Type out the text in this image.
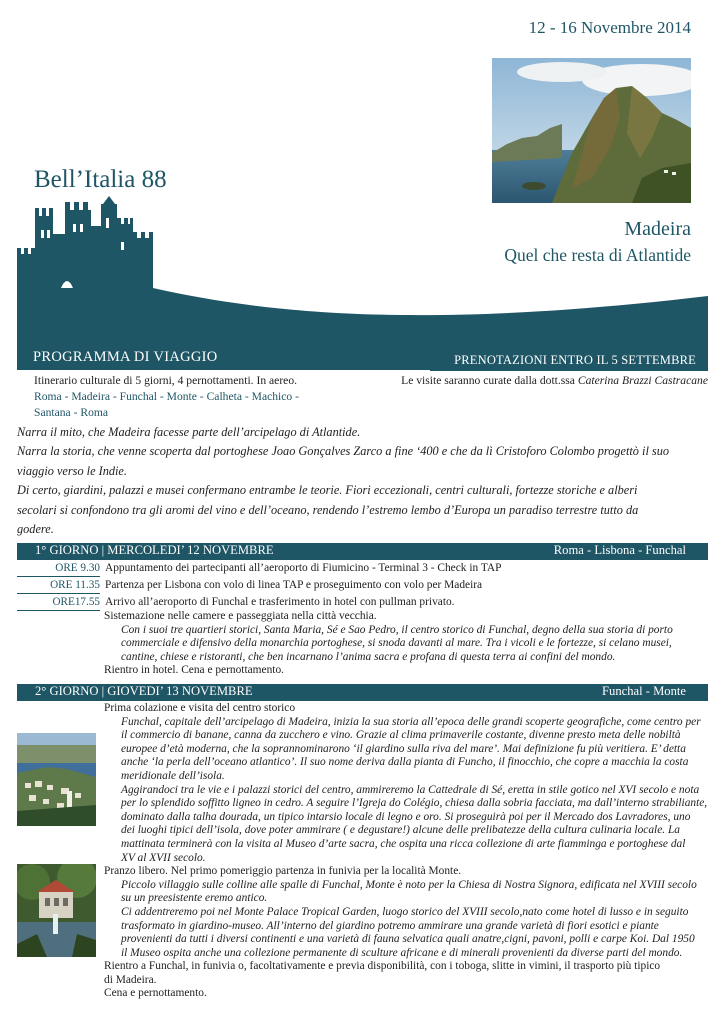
12 - 16 Novembre 2014
Bell’Italia 88
Madeira
Quel che resta di Atlantide
PROGRAMMA DI VIAGGIO	PRENOTAZIONI ENTRO IL 5 SETTEMBRE
Itinerario culturale di 5 giorni, 4 pernottamenti. In aereo.
Roma - Madeira - Funchal - Monte - Calheta - Machico -
Santana - Roma
Le visite saranno curate dalla dott.ssa Caterina Brazzi Castracane
Narra il mito, che Madeira facesse parte dell’arcipelago di Atlantide.
Narra la storia, che venne scoperta dal portoghese Joao Gonçalves Zarco a fine ‘400 e che da lì Cristoforo Colombo progettò il suo
viaggio verso le Indie.
Di certo, giardini, palazzi e musei confermano entrambe le teorie. Fiori eccezionali, centri culturali, fortezze storiche e alberi
secolari si confondono tra gli aromi del vino e dell’oceano, rendendo l’estremo lembo d’Europa un paradiso terrestre tutto da
godere.
1° GIORNO | MERCOLEDI’ 12 NOVEMBRE	Roma - Lisbona - Funchal
ORE 9.30 Appuntamento dei partecipanti all’aeroporto di Fiumicino - Terminal 3 - Check in TAP
ORE 11.35 Partenza per Lisbona con volo di linea TAP e proseguimento con volo per Madeira
ORE17.55 Arrivo all’aeroporto di Funchal e trasferimento in hotel con pullman privato.
Sistemazione nelle camere e passeggiata nella città vecchia.
Con i suoi tre quartieri storici, Santa Maria, Sé e Sao Pedro, il centro storico di Funchal, degno della sua storia di porto
commerciale e difensivo della monarchia portoghese, si snoda davanti al mare. Tra i vicoli e le fortezze, si celano musei,
cantine, chiese e ristoranti, che ben incarnano l’anima sacra e profana di questa terra ai confini del mondo.
Rientro in hotel. Cena e pernottamento.
2° GIORNO | GIOVEDI’ 13 NOVEMBRE	Funchal - Monte
Prima colazione e visita del centro storico
Funchal, capitale dell’arcipelago di Madeira, inizia la sua storia all’epoca delle grandi scoperte geografiche, come centro per
il commercio di banane, canna da zucchero e vino. Grazie al clima primaverile costante, divenne presto meta delle nobiltà
europee d’età moderna, che la soprannominarono ‘il giardino sulla riva del mare’. Mai definizione fu più veritiera. E’ detta
anche ‘la perla dell’oceano atlantico’. Il suo nome deriva dalla pianta di Funcho, il finocchio, che copre a macchia la costa
meridionale dell’isola.
Aggirandoci tra le vie e i palazzi storici del centro, ammireremo la Cattedrale di Sé, eretta in stile gotico nel XVI secolo e nota
per lo splendido soffitto ligneo in cedro. A seguire l’Igreja do Colégio, chiesa dalla sobria facciata, ma dall’interno strabiliante,
dominato dalla talha dourada, un tipico intarsio locale di legno e oro. Si proseguirà poi per il Mercado dos Lavradores, uno
dei luoghi tipici dell’isola, dove poter ammirare ( e degustare!) alcune delle prelibatezze della cultura culinaria locale. La
mattinata terminerà con la visita al Museo d’arte sacra, che ospita una ricca collezione di arte fiamminga e portoghese dal
XV al XVII secolo.
Pranzo libero. Nel primo pomeriggio partenza in funivia per la località Monte.
Piccolo villaggio sulle colline alle spalle di Funchal, Monte è noto per la Chiesa di Nostra Signora, edificata nel XVIII secolo
su un preesistente eremo antico.
Ci addentreremo poi nel Monte Palace Tropical Garden, luogo storico del XVIII secolo,nato come hotel di lusso e in seguito
trasformato in giardino-museo. All’interno del giardino potremo ammirare una grande varietà di fiori esotici e piante
provenienti da tutti i diversi continenti e una varietà di fauna selvatica quali anatre,cigni, pavoni, polli e carpe Koi. Dal 1950
il Museo ospita anche una collezione permanente di sculture africane e di minerali provenienti da diverse parti del mondo.
Rientro a Funchal, in funivia o, facoltativamente e previa disponibilità, con i toboga, slitte in vimini, il trasporto più tipico
di Madeira.
Cena e pernottamento.
